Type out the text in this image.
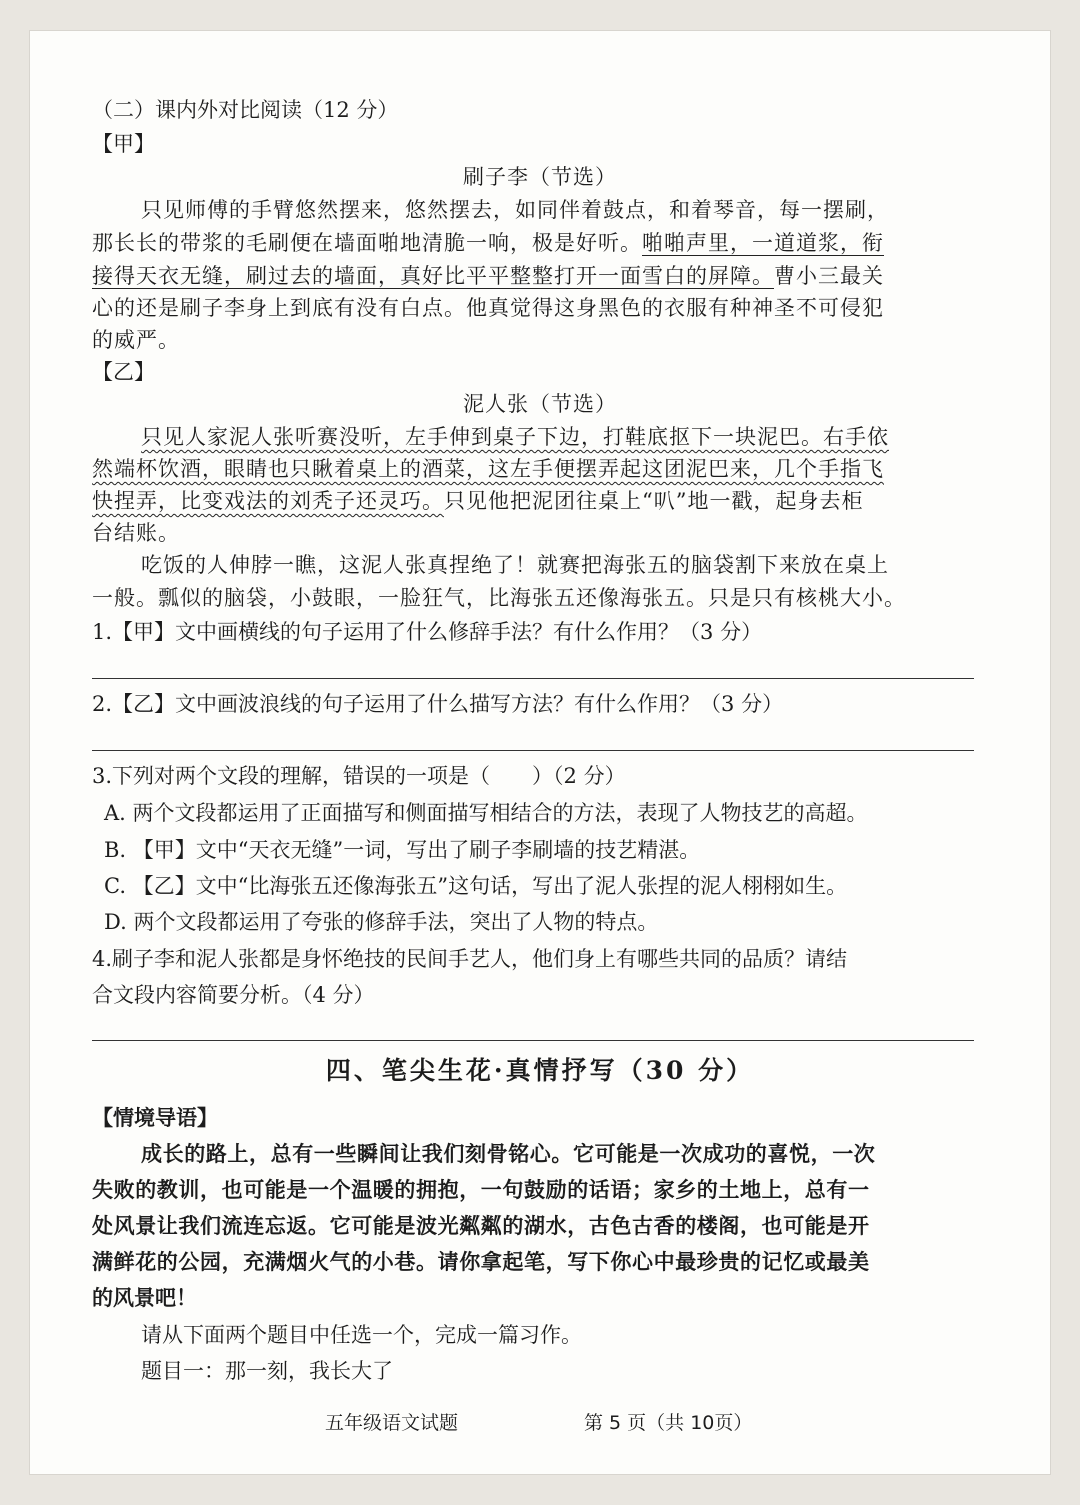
（二）课内外对比阅读（12 分）

【甲】

刷子李（节选）

只见师傅的手臂悠然摆来，悠然摆去，如同伴着鼓点，和着琴音，每一摆刷，

那长长的带浆的毛刷便在墙面啪地清脆一响，极是好听。啪啪声里，一道道浆，衔

接得天衣无缝，刷过去的墙面，真好比平平整整打开一面雪白的屏障。曹小三最关

心的还是刷子李身上到底有没有白点。他真觉得这身黑色的衣服有种神圣不可侵犯

的威严。

【乙】

泥人张（节选）

只见人家泥人张听赛没听，左手伸到桌子下边，打鞋底抠下一块泥巴。右手依

然端杯饮酒，眼睛也只瞅着桌上的酒菜，这左手便摆弄起这团泥巴来，几个手指飞

快捏弄，比变戏法的刘秃子还灵巧。只见他把泥团往桌上“叭”地一戳，起身去柜

台结账。

吃饭的人伸脖一瞧，这泥人张真捏绝了！就赛把海张五的脑袋割下来放在桌上

一般。瓢似的脑袋，小鼓眼，一脸狂气，比海张五还像海张五。只是只有核桃大小。

1.【甲】文中画横线的句子运用了什么修辞手法？有什么作用？（3 分）

2.【乙】文中画波浪线的句子运用了什么描写方法？有什么作用？（3 分）

3.下列对两个文段的理解，错误的一项是（　　）（2 分）

A. 两个文段都运用了正面描写和侧面描写相结合的方法，表现了人物技艺的高超。

B. 【甲】文中“天衣无缝”一词，写出了刷子李刷墙的技艺精湛。

C. 【乙】文中“比海张五还像海张五”这句话，写出了泥人张捏的泥人栩栩如生。

D. 两个文段都运用了夸张的修辞手法，突出了人物的特点。

4.刷子李和泥人张都是身怀绝技的民间手艺人，他们身上有哪些共同的品质？请结

合文段内容简要分析。（4 分）

四、笔尖生花·真情抒写（30 分）

【情境导语】

成长的路上，总有一些瞬间让我们刻骨铭心。它可能是一次成功的喜悦，一次

失败的教训，也可能是一个温暖的拥抱，一句鼓励的话语；家乡的土地上，总有一

处风景让我们流连忘返。它可能是波光粼粼的湖水，古色古香的楼阁，也可能是开

满鲜花的公园，充满烟火气的小巷。请你拿起笔，写下你心中最珍贵的记忆或最美

的风景吧！

请从下面两个题目中任选一个，完成一篇习作。

题目一：那一刻，我长大了

五年级语文试题	第 5 页（共 10页）
